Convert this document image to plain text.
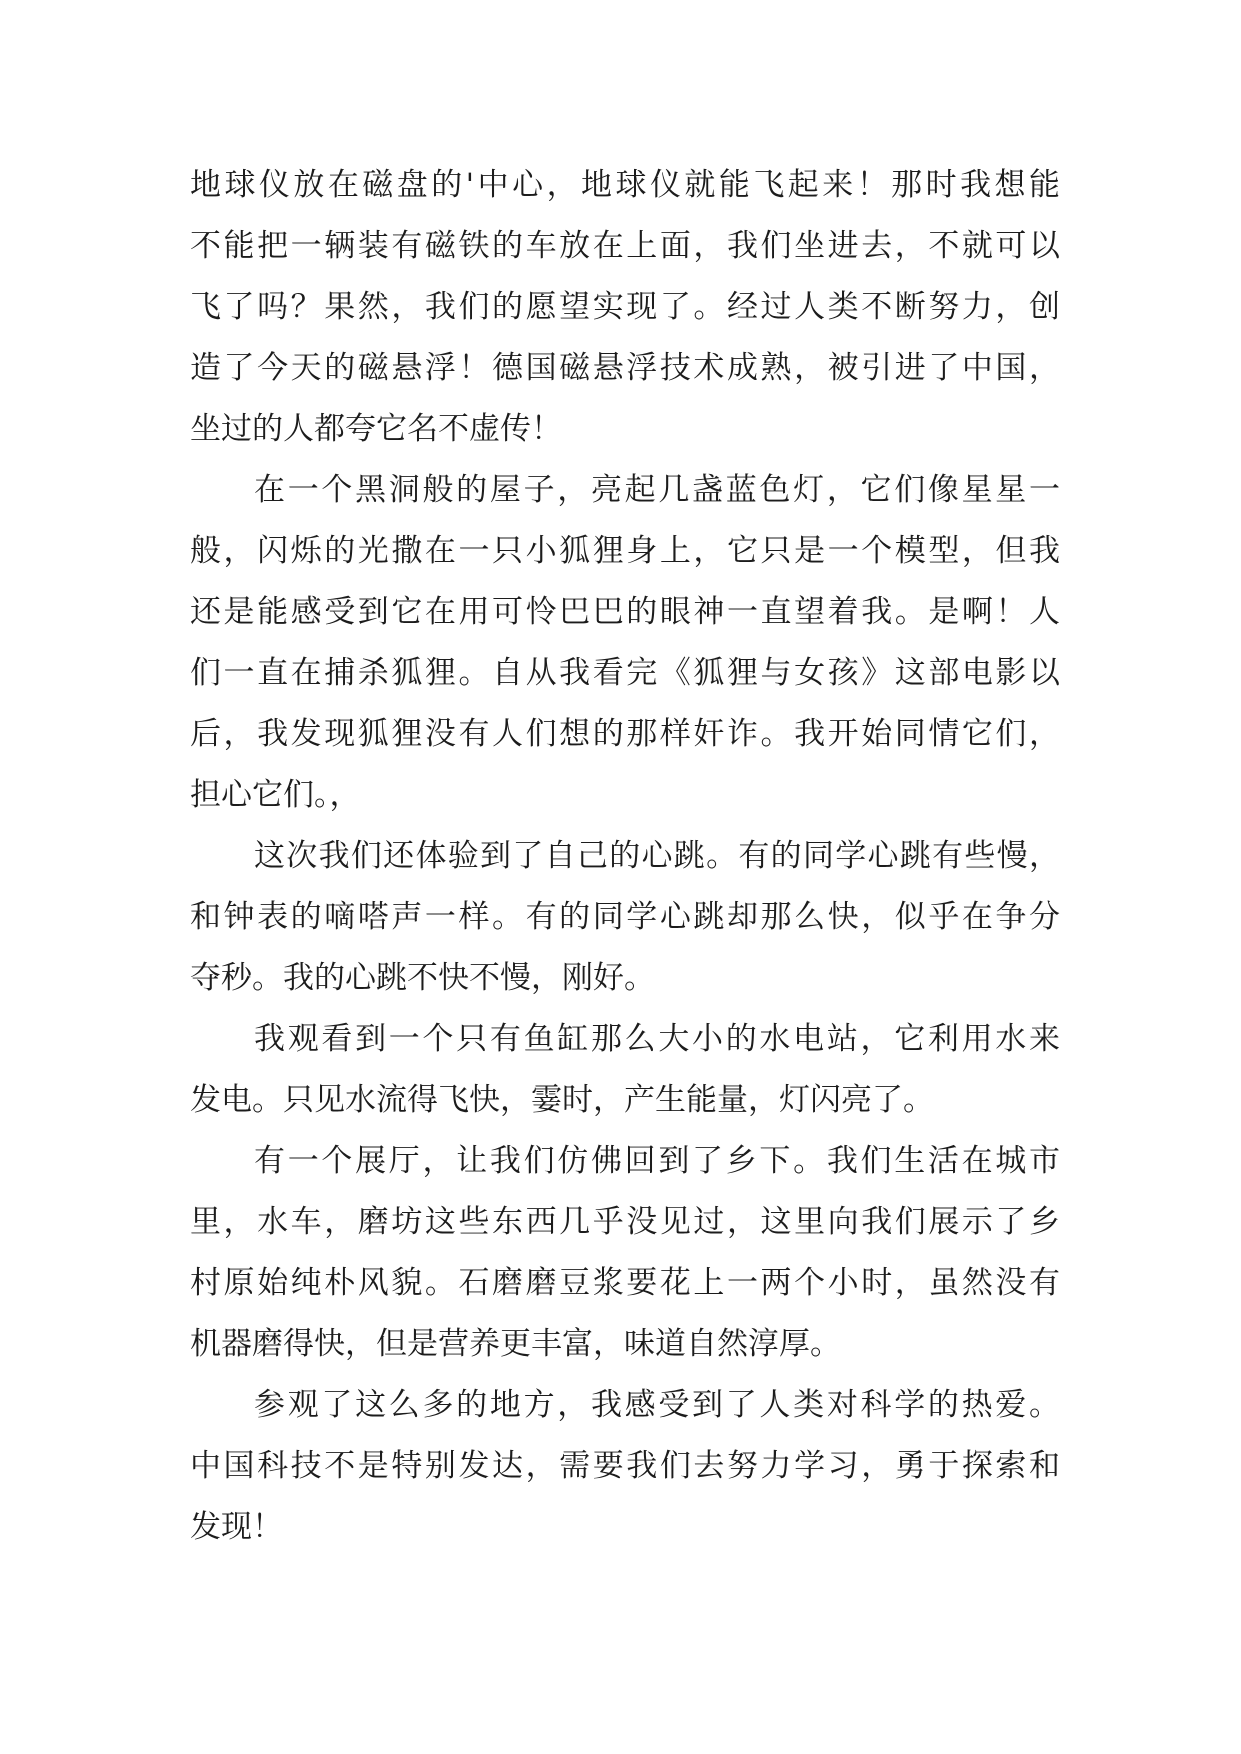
地球仪放在磁盘的'中心，地球仪就能飞起来！那时我想能
不能把一辆装有磁铁的车放在上面，我们坐进去，不就可以
飞了吗？果然，我们的愿望实现了。经过人类不断努力，创
造了今天的磁悬浮！德国磁悬浮技术成熟，被引进了中国，
坐过的人都夸它名不虚传！
在一个黑洞般的屋子，亮起几盏蓝色灯，它们像星星一
般，闪烁的光撒在一只小狐狸身上，它只是一个模型，但我
还是能感受到它在用可怜巴巴的眼神一直望着我。是啊！人
们一直在捕杀狐狸。自从我看完《狐狸与女孩》这部电影以
后，我发现狐狸没有人们想的那样奸诈。我开始同情它们，
担心它们。，
这次我们还体验到了自己的心跳。有的同学心跳有些慢，
和钟表的嘀嗒声一样。有的同学心跳却那么快，似乎在争分
夺秒。我的心跳不快不慢，刚好。
我观看到一个只有鱼缸那么大小的水电站，它利用水来
发电。只见水流得飞快，霎时，产生能量，灯闪亮了。
有一个展厅，让我们仿佛回到了乡下。我们生活在城市
里，水车，磨坊这些东西几乎没见过，这里向我们展示了乡
村原始纯朴风貌。石磨磨豆浆要花上一两个小时，虽然没有
机器磨得快，但是营养更丰富，味道自然淳厚。
参观了这么多的地方，我感受到了人类对科学的热爱。
中国科技不是特别发达，需要我们去努力学习，勇于探索和
发现！
